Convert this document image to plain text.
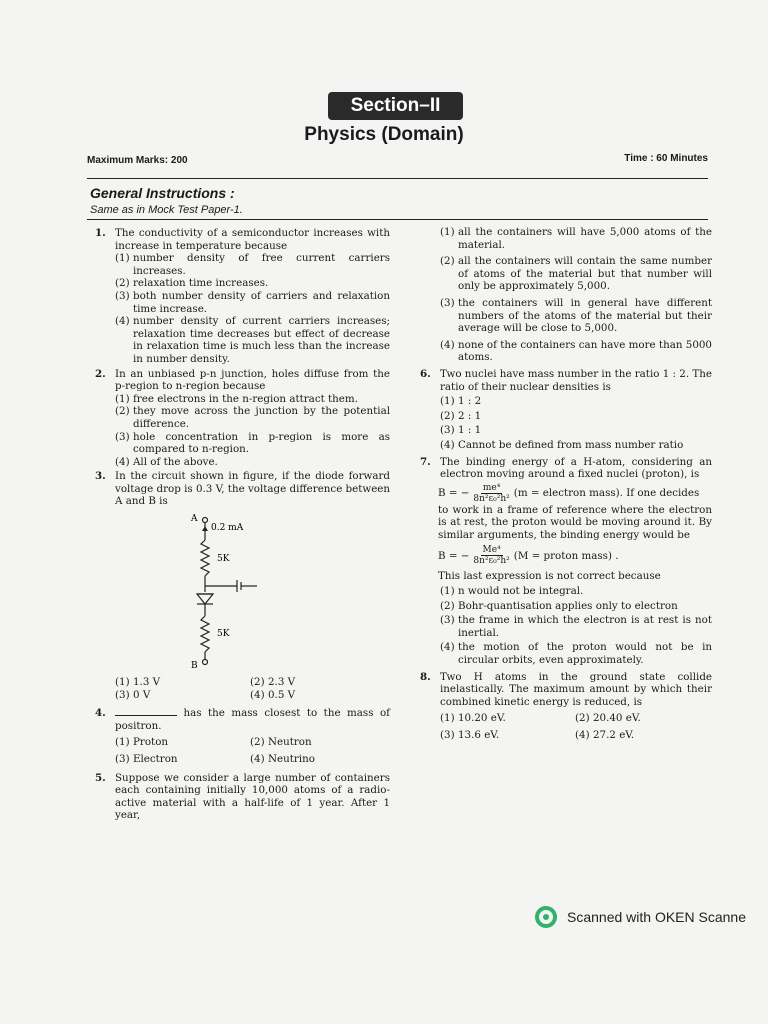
Section–II
Physics (Domain)
Maximum Marks: 200	Time : 60 Minutes
General Instructions :
Same as in Mock Test Paper-1.
1. The conductivity of a semiconductor increases with increase in temperature because
(1) number density of free current carriers increases.
(2) relaxation time increases.
(3) both number density of carriers and relaxation time increase.
(4) number density of current carriers increases; relaxation time decreases but effect of decrease in relaxation time is much less than the increase in number density.
2. In an unbiased p-n junction, holes diffuse from the p-region to n-region because
(1) free electrons in the n-region attract them.
(2) they move across the junction by the potential difference.
(3) hole concentration in p-region is more as compared to n-region.
(4) All of the above.
3. In the circuit shown in figure, if the diode forward voltage drop is 0.3 V, the voltage difference between A and B is
A
0.2 mA
5K
5K
B
(1) 1.3 V	(2) 2.3 V
(3) 0 V	(4) 0.5 V
4.	has the mass closest to the mass of positron.
(1) Proton	(2) Neutron
(3) Electron	(4) Neutrino
5. Suppose we consider a large number of containers each containing initially 10,000 atoms of a radio-active material with a half-life of 1 year. After 1 year,
(1) all the containers will have 5,000 atoms of the material.
(2) all the containers will contain the same number of atoms of the material but that number will only be approximately 5,000.
(3) the containers will in general have different numbers of the atoms of the material but their average will be close to 5,000.
(4) none of the containers can have more than 5000 atoms.
6. Two nuclei have mass number in the ratio 1 : 2. The ratio of their nuclear densities is
(1) 1 : 2
(2) 2 : 1
(3) 1 : 1
(4) Cannot be defined from mass number ratio
7. The binding energy of a H-atom, considering an electron moving around a fixed nuclei (proton), is
B = − $\frac{\text{me⁴}}{\text{8n²ε₀²h²}} (m$ = electron mass). If one decides
to work in a frame of reference where the electron is at rest, the proton would be moving around it. By similar arguments, the binding energy would be
B = − $\frac{\text{Me⁴}}{\text{8n²ε₀²h²}} (M$ = proton mass) .
This last expression is not correct because
(1) n would not be integral.
(2) Bohr-quantisation applies only to electron
(3) the frame in which the electron is at rest is not inertial.
(4) the motion of the proton would not be in circular orbits, even approximately.
8. Two H atoms in the ground state collide inelastically. The maximum amount by which their combined kinetic energy is reduced, is
(1) 10.20 eV.	(2) 20.40 eV.
(3) 13.6 eV.	(4) 27.2 eV.
Scanned with OKEN Scanne
